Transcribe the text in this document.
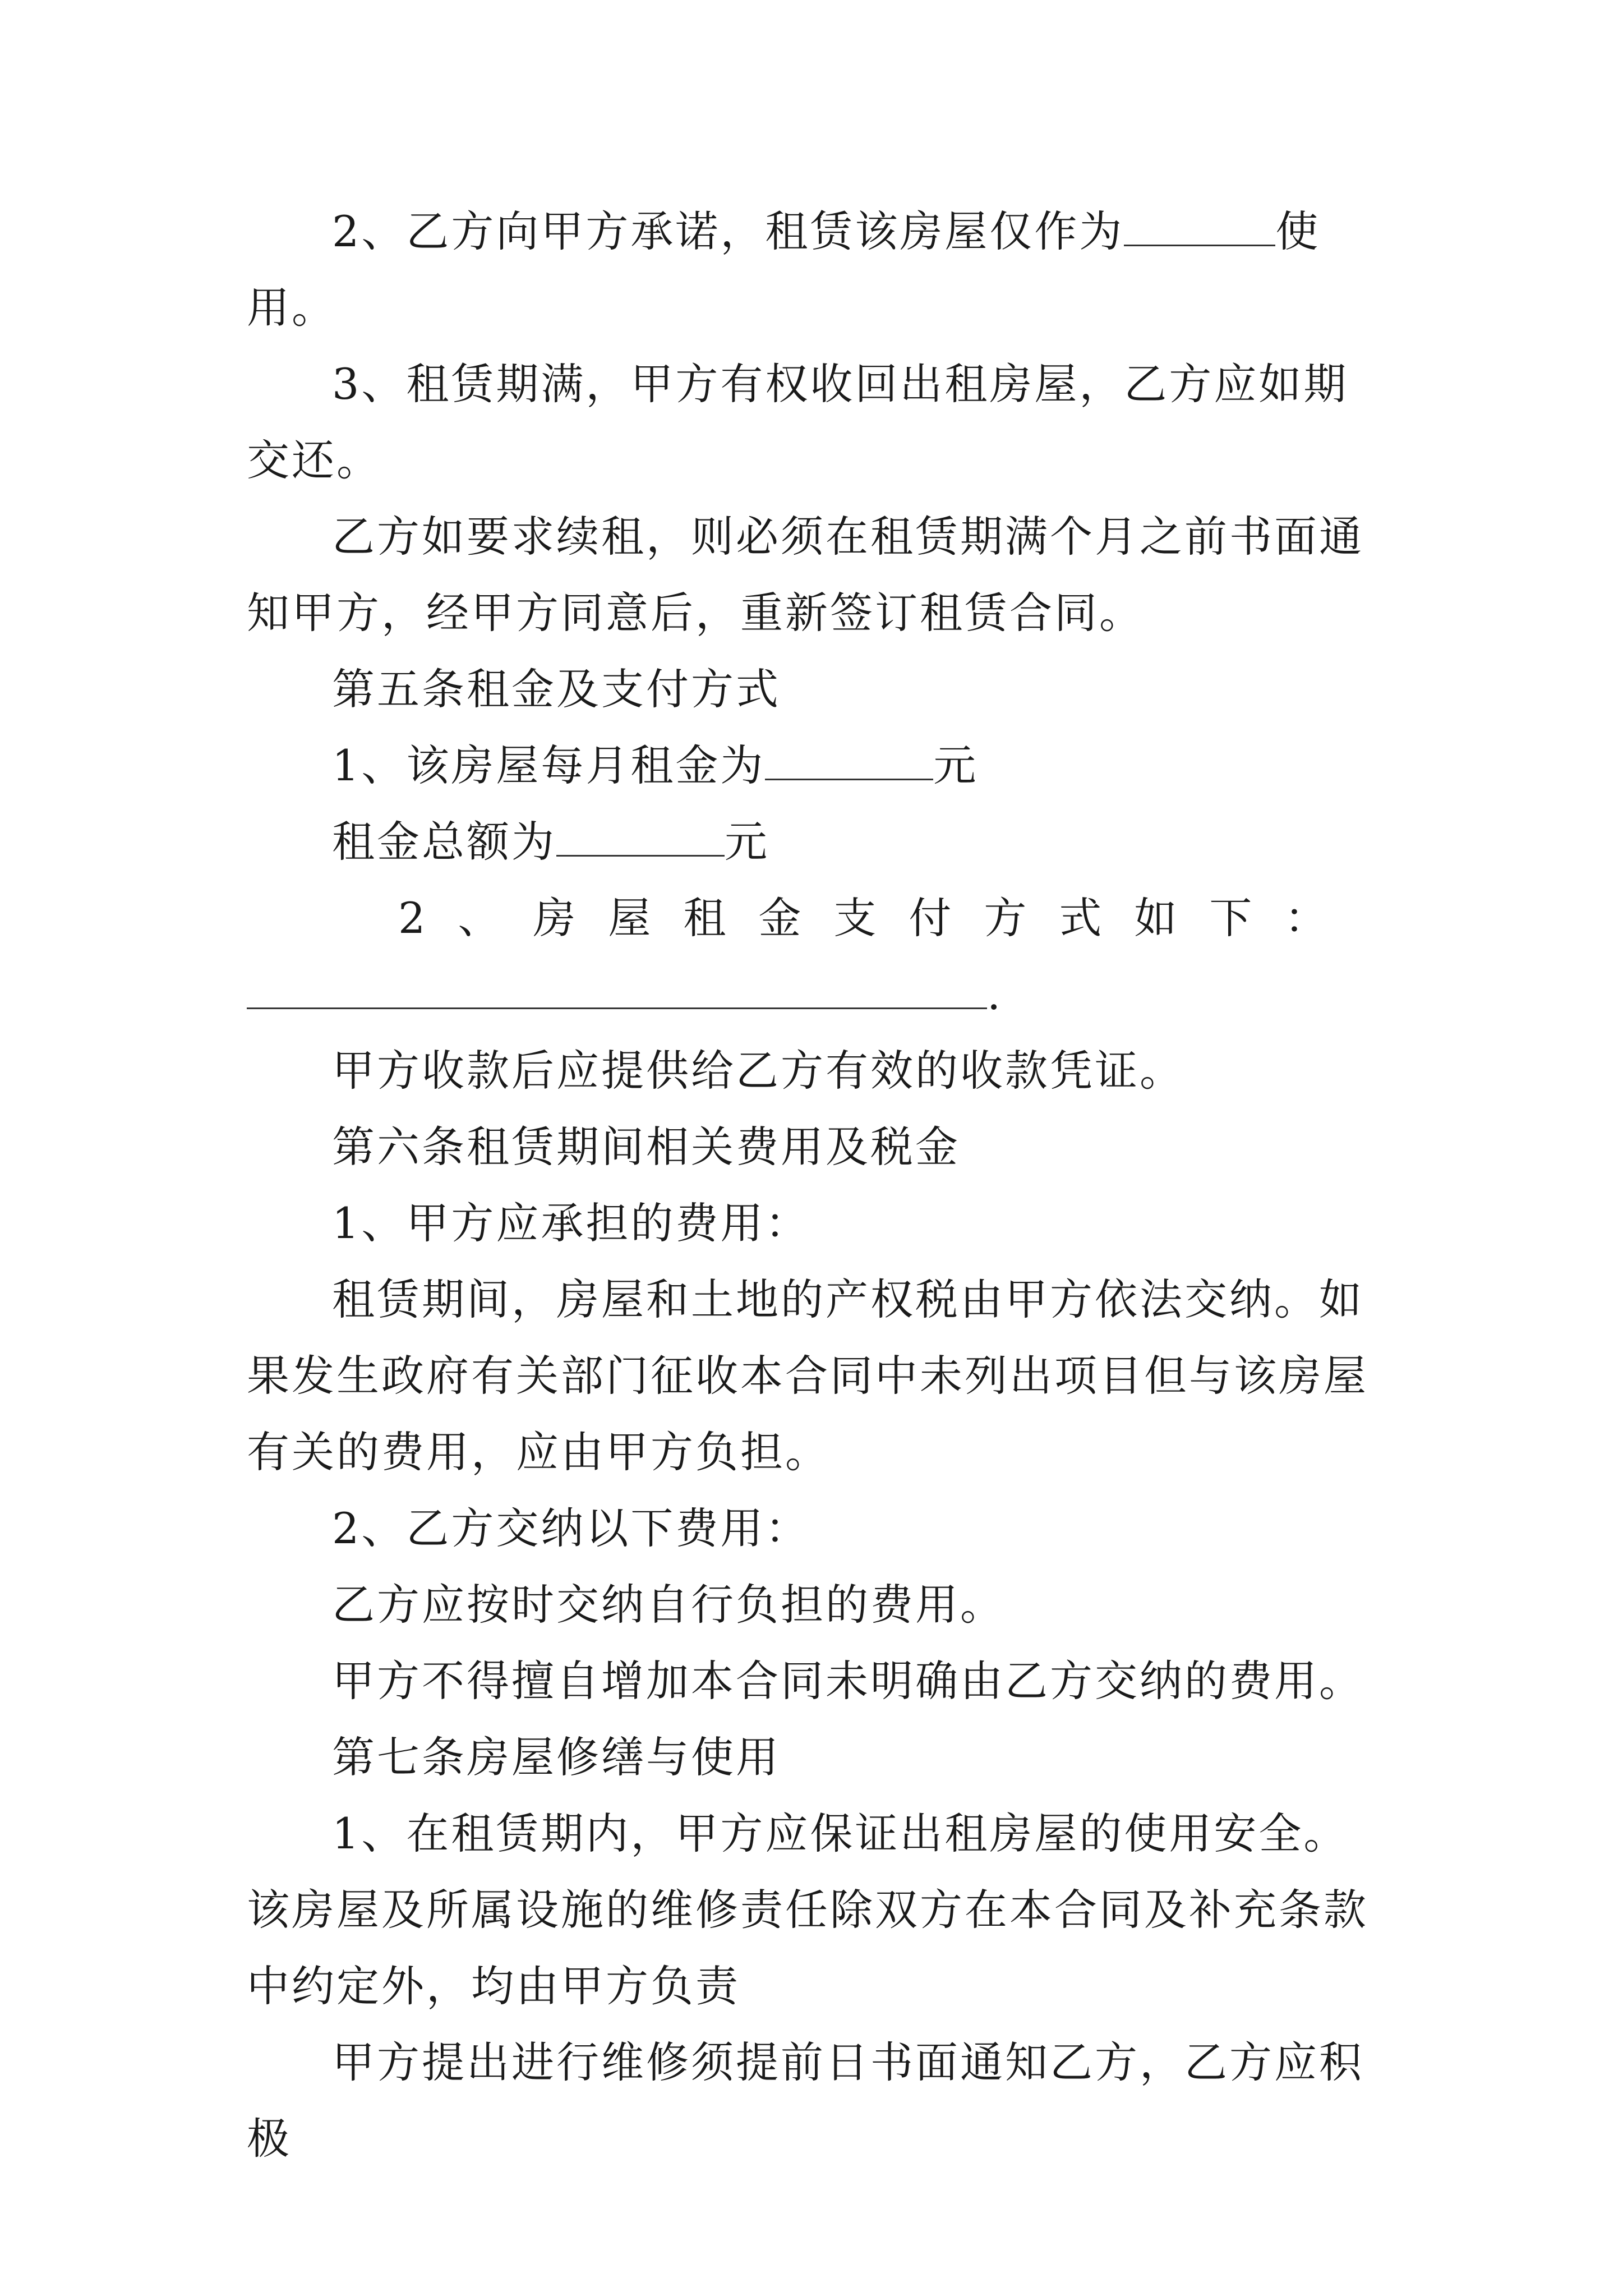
2、乙方向甲方承诺，租赁该房屋仅作为	使用。

3、租赁期满，甲方有权收回出租房屋，乙方应如期交还。

乙方如要求续租，则必须在租赁期满个月之前书面通知甲方，经甲方同意后，重新签订租赁合同。

第五条租金及支付方式

1、该房屋每月租金为	元

租金总额为	元

2、房屋租金支付方式如下：

.

甲方收款后应提供给乙方有效的收款凭证。

第六条租赁期间相关费用及税金

1、甲方应承担的费用：

租赁期间，房屋和土地的产权税由甲方依法交纳。如果发生政府有关部门征收本合同中未列出项目但与该房屋有关的费用，应由甲方负担。

2、乙方交纳以下费用：

乙方应按时交纳自行负担的费用。

甲方不得擅自增加本合同未明确由乙方交纳的费用。

第七条房屋修缮与使用

1、在租赁期内，甲方应保证出租房屋的使用安全。该房屋及所属设施的维修责任除双方在本合同及补充条款中约定外，均由甲方负责

甲方提出进行维修须提前日书面通知乙方，乙方应积极
